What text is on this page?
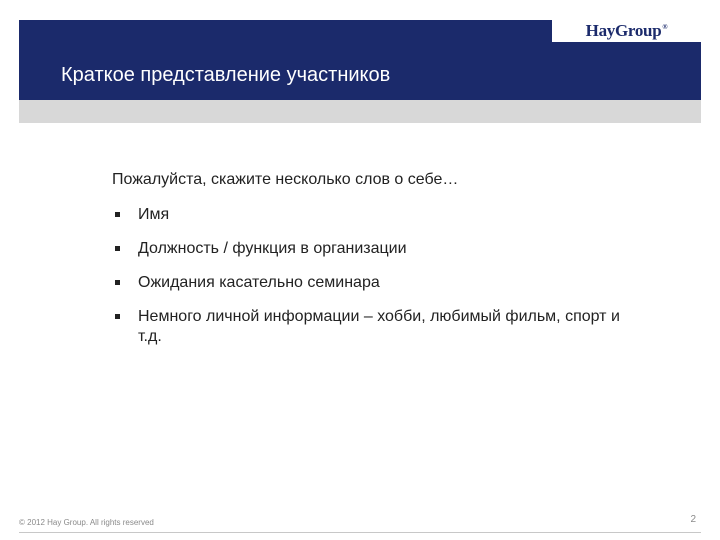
HayGroup®
Краткое представление участников
Пожалуйста, скажите несколько слов о себе…
Имя
Должность / функция в организации
Ожидания касательно семинара
Немного личной информации – хобби, любимый фильм, спорт и т.д.
© 2012 Hay Group. All rights reserved	2
